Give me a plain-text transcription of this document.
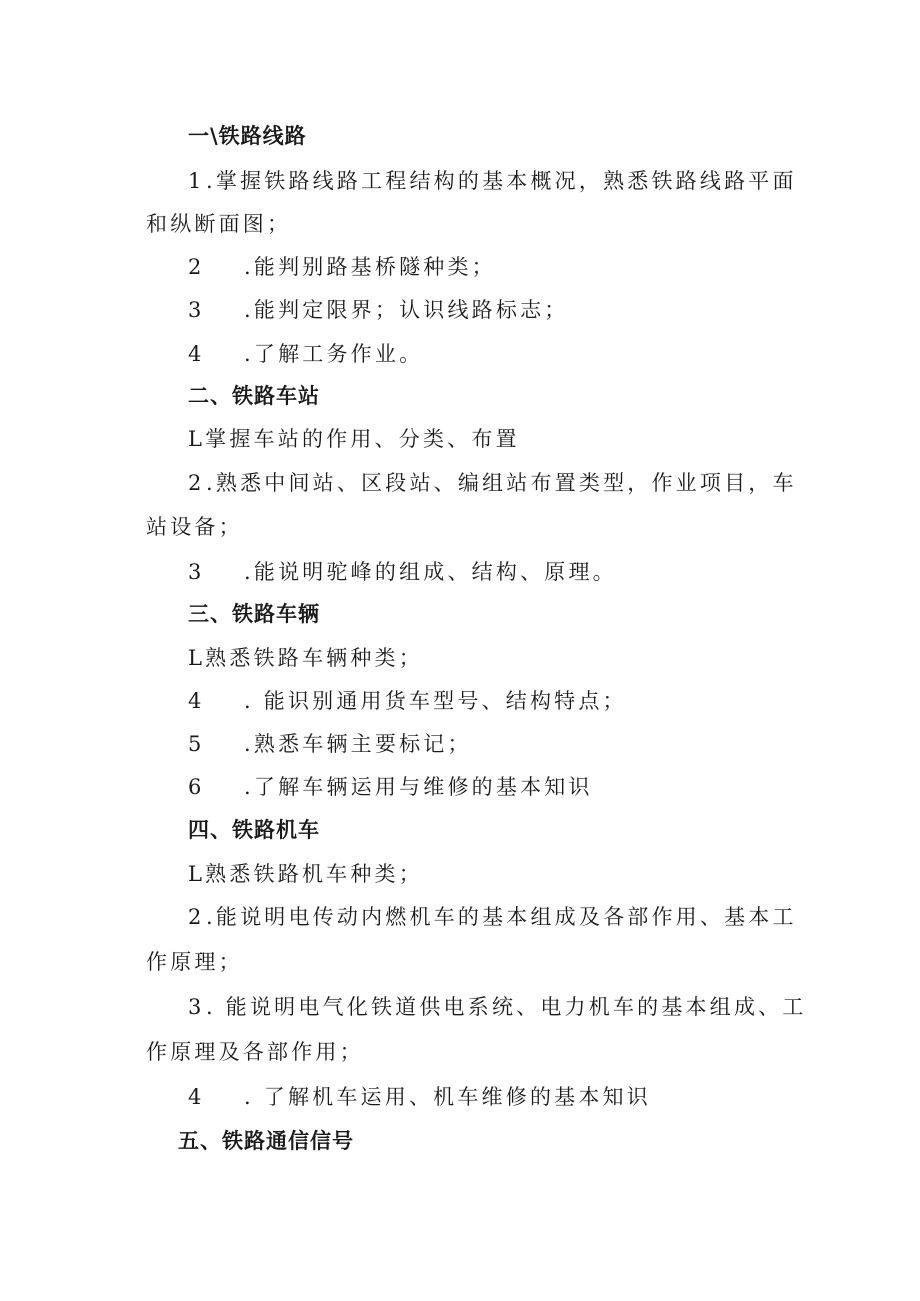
一\铁路线路
1.掌握铁路线路工程结构的基本概况，熟悉铁路线路平面
和纵断面图；
2 .能判别路基桥隧种类；
3 .能判定限界；认识线路标志；
4 .了解工务作业。
二、铁路车站
L掌握车站的作用、分类、布置
2.熟悉中间站、区段站、编组站布置类型，作业项目，车
站设备；
3 .能说明驼峰的组成、结构、原理。
三、铁路车辆
L熟悉铁路车辆种类；
4 . 能识别通用货车型号、结构特点；
5 .熟悉车辆主要标记；
6 .了解车辆运用与维修的基本知识
四、铁路机车
L熟悉铁路机车种类；
2.能说明电传动内燃机车的基本组成及各部作用、基本工
作原理；
3. 能说明电气化铁道供电系统、电力机车的基本组成、工
作原理及各部作用；
4 . 了解机车运用、机车维修的基本知识
五、铁路通信信号
